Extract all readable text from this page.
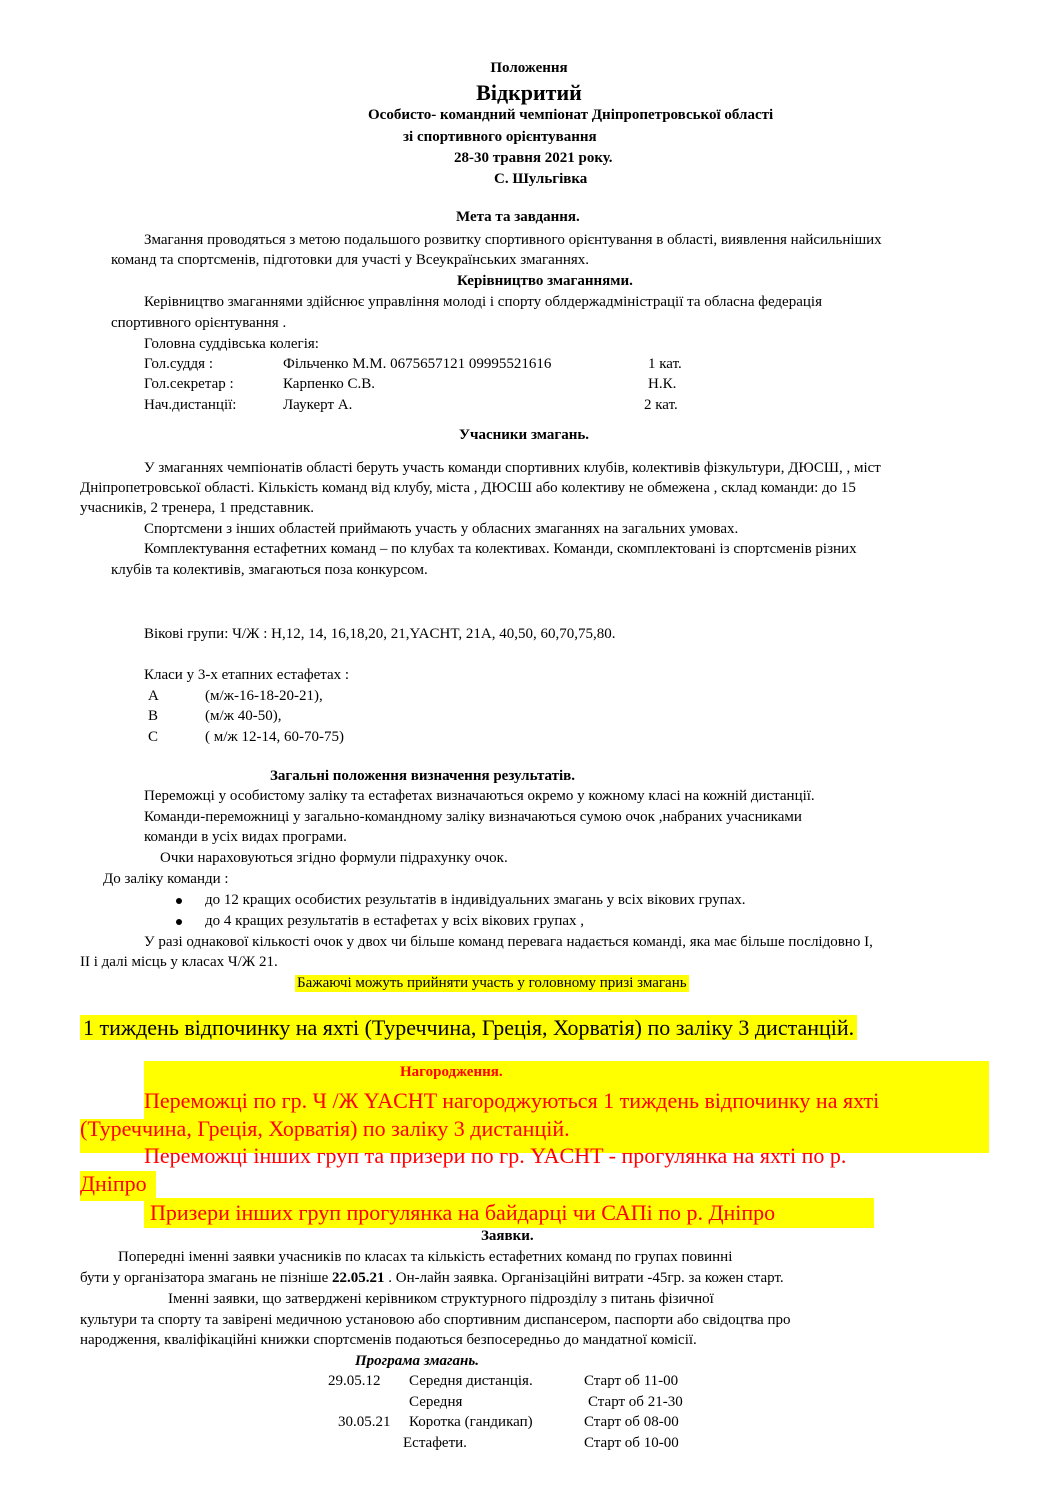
Положення
Відкритий
Особисто- командний чемпіонат Дніпропетровської області
зі спортивного орієнтування
28-30 травня 2021 року.
С. Шульгівка
Мета та завдання.
Змагання проводяться з метою подальшого розвитку спортивного орієнтування в області, виявлення найсильніших
команд та спортсменів, підготовки для участі у Всеукраїнських змаганнях.
Керівництво змаганнями.
Керівництво змаганнями здійснює управління молоді і спорту облдержадміністрації та обласна федерація
спортивного орієнтування .
Головна суддівська колегія:
Гол.суддя :	Фільченко М.М. 0675657121 09995521616	1 кат.
Гол.секретар :	Карпенко С.В.	Н.К.
Нач.дистанції:	Лаукерт А.	2 кат.
Учасники змагань.
У змаганнях чемпіонатів області беруть участь команди спортивних клубів, колективів фізкультури, ДЮСШ, , міст
Дніпропетровської області. Кількість команд від клубу, міста , ДЮСШ або колективу не обмежена , склад команди: до 15
учасників, 2 тренера, 1 представник.
Спортсмени з інших областей приймають участь у обласних змаганнях на загальних умовах.
Комплектування естафетних команд – по клубах та колективах. Команди, скомплектовані із спортсменів різних
клубів та колективів, змагаються поза конкурсом.
Вікові групи: Ч/Ж : Н,12, 14, 16,18,20, 21,YACHT, 21А, 40,50, 60,70,75,80.
Класи у 3-х етапних естафетах :
А	(м/ж-16-18-20-21),
В	(м/ж 40-50),
С	( м/ж 12-14, 60-70-75)
Загальні положення визначення результатів.
Переможці у особистому заліку та естафетах визначаються окремо у кожному класі на кожній дистанції.
Команди-переможниці у загально-командному заліку визначаються сумою очок ,набраних учасниками
команди в усіх видах програми.
Очки нараховуються згідно формули підрахунку очок.
До заліку команди :
до 12 кращих особистих результатів в індивідуальних змагань у всіх вікових групах.
до 4 кращих результатів в естафетах у всіх вікових групах ,
У разі однакової кількості очок у двох чи більше команд перевага надається команді, яка має більше послідовно І,
ІІ і далі місць у класах Ч/Ж 21.
Бажаючі можуть прийняти участь у головному призі змагань
1 тиждень відпочинку на яхті (Туреччина, Греція, Хорватія) по заліку 3 дистанцій.
Нагородження.
Переможці по гр. Ч /Ж YACHT нагороджуються 1 тиждень відпочинку на яхті
(Туреччина, Греція, Хорватія) по заліку 3 дистанцій.
Переможці інших груп та призери по гр. YACHT - прогулянка на яхті по р.
Дніпро
Призери інших груп прогулянка на байдарці чи САПі по р. Дніпро
Заявки.
Попередні іменні заявки учасників по класах та кількість естафетних команд по групах повинні
бути у організатора змагань не пізніше 22.05.21 . Он-лайн заявка. Організаційні витрати -45гр. за кожен старт.
Іменні заявки, що затверджені керівником структурного підрозділу з питань фізичної
культури та спорту та завірені медичною установою або спортивним диспансером, паспорти або свідоцтва про
народження, кваліфікаційні книжки спортсменів подаються безпосередньо до мандатної комісії.
Програма змагань.
29.05.12 Середня дистанція.	Старт об 11-00
Середня	Старт об 21-30
30.05.21 Коротка (гандикап)	Старт об 08-00
Естафети.	Старт об 10-00
